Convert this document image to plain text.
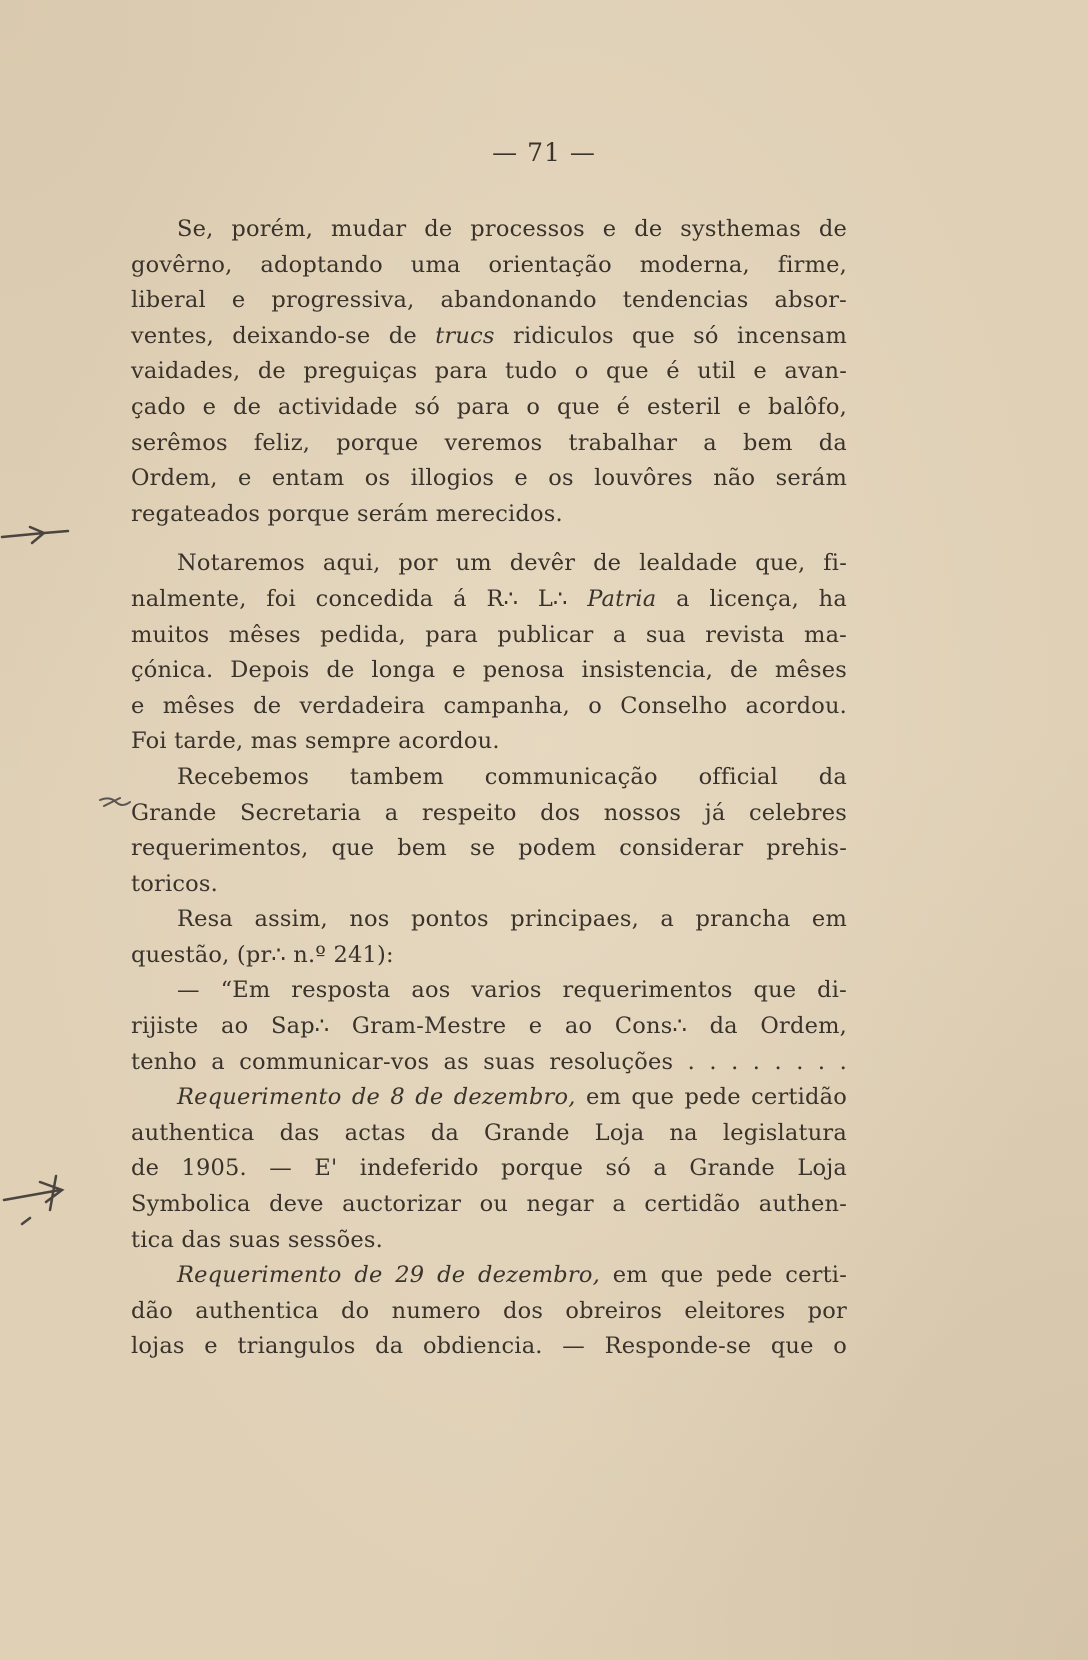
— 71 —
Se, porém, mudar de processos e de systhemas de
govêrno, adoptando uma orientação moderna, firme,
liberal e progressiva, abandonando tendencias absor-
ventes, deixando-se de trucs ridiculos que só incensam
vaidades, de preguiças para tudo o que é util e avan-
çado e de actividade só para o que é esteril e balôfo,
serêmos feliz, porque veremos trabalhar a bem da
Ordem, e entam os illogios e os louvôres não serám
regateados porque serám merecidos.
Notaremos aqui, por um devêr de lealdade que, fi-
nalmente, foi concedida á R∴ L∴ Patria a licença, ha
muitos mêses pedida, para publicar a sua revista ma-
çónica. Depois de longa e penosa insistencia, de mêses
e mêses de verdadeira campanha, o Conselho acordou.
Foi tarde, mas sempre acordou.
Recebemos tambem communicação official da
Grande Secretaria a respeito dos nossos já celebres
requerimentos, que bem se podem considerar prehis-
toricos.
Resa assim, nos pontos principaes, a prancha em
questão, (pr∴ n.º 241):
— “Em resposta aos varios requerimentos que di-
rijiste ao Sap∴ Gram-Mestre e ao Cons∴ da Ordem,
tenho a communicar-vos as suas resoluções . . . . . . . .
Requerimento de 8 de dezembro, em que pede certidão
authentica das actas da Grande Loja na legislatura
de 1905. — E' indeferido porque só a Grande Loja
Symbolica deve auctorizar ou negar a certidão authen-
tica das suas sessões.
Requerimento de 29 de dezembro, em que pede certi-
dão authentica do numero dos obreiros eleitores por
lojas e triangulos da obdiencia. — Responde-se que o
